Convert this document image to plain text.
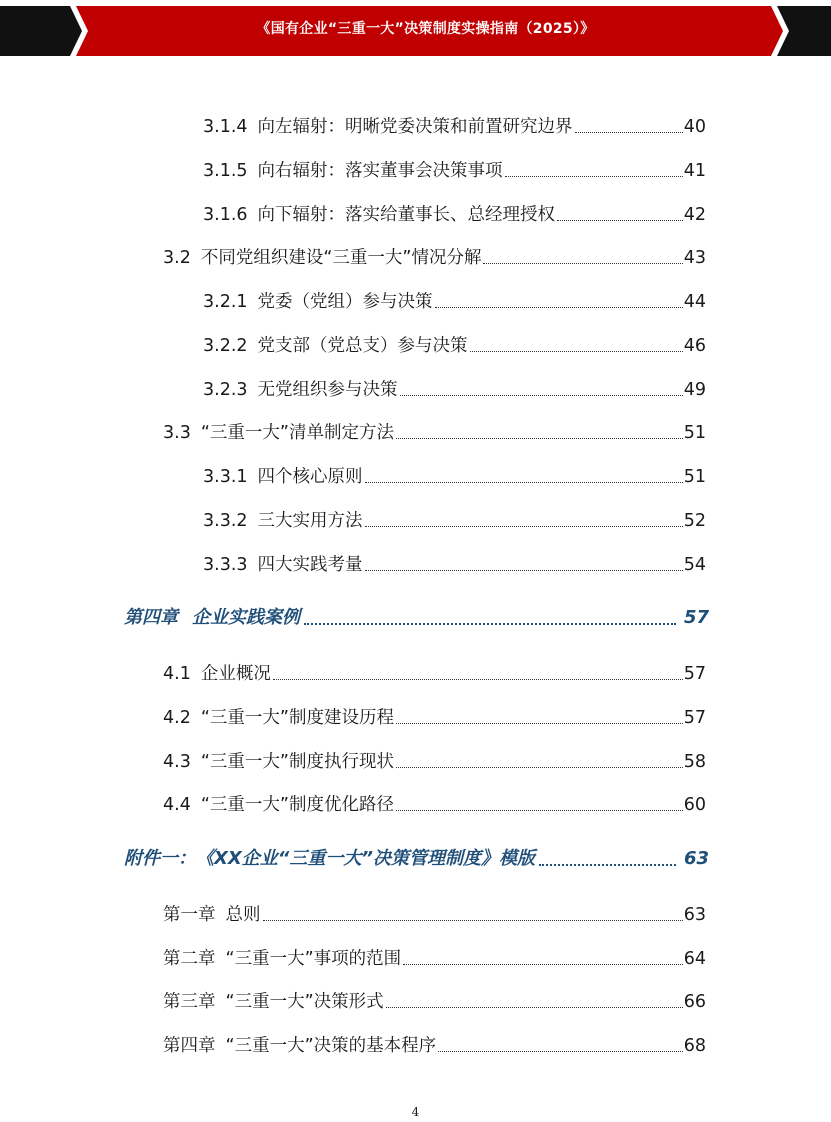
《国有企业“三重一大”决策制度实操指南（2025）》
3.1.4 向左辐射：明晰党委决策和前置研究边界	40
3.1.5 向右辐射：落实董事会决策事项	41
3.1.6 向下辐射：落实给董事长、总经理授权	42
3.2 不同党组织建设“三重一大”情况分解	43
3.2.1 党委（党组）参与决策	44
3.2.2 党支部（党总支）参与决策	46
3.2.3 无党组织参与决策	49
3.3 “三重一大”清单制定方法	51
3.3.1 四个核心原则	51
3.3.2 三大实用方法	52
3.3.3 四大实践考量	54
第四章 企业实践案例	57
4.1 企业概况	57
4.2 “三重一大”制度建设历程	57
4.3 “三重一大”制度执行现状	58
4.4 “三重一大”制度优化路径	60
附件一：《XX企业“三重一大”决策管理制度》模版	63
第一章 总则	63
第二章 “三重一大”事项的范围	64
第三章 “三重一大”决策形式	66
第四章 “三重一大”决策的基本程序	68
4
